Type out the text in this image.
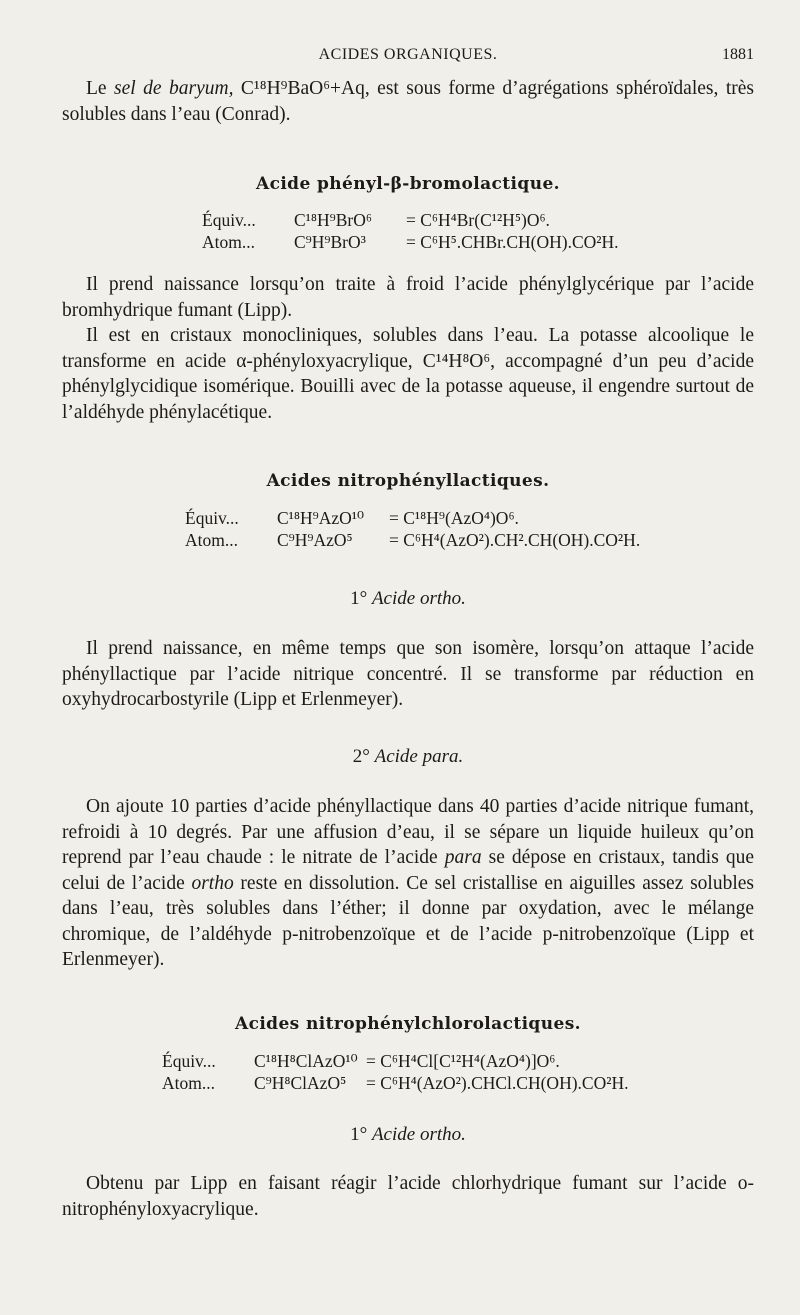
ACIDES ORGANIQUES.	1881

Le sel de baryum, C¹⁸H⁹BaO⁶+Aq, est sous forme d’agrégations sphéroïdales, très solubles dans l’eau (Conrad).

Acide phényl-β-bromolactique.
Équiv... C¹⁸H⁹BrO⁶ = C⁶H⁴Br(C¹²H⁵)O⁶.
Atom... C⁹H⁹BrO³ = C⁶H⁵.CHBr.CH(OH).CO²H.

Il prend naissance lorsqu’on traite à froid l’acide phénylglycérique par l’acide bromhydrique fumant (Lipp).

Il est en cristaux monocliniques, solubles dans l’eau. La potasse alcoolique le transforme en acide α-phényloxyacrylique, C¹⁴H⁸O⁶, accompagné d’un peu d’acide phénylglycidique isomérique. Bouilli avec de la potasse aqueuse, il engendre surtout de l’aldéhyde phénylacétique.

Acides nitrophényllactiques.
Équiv... C¹⁸H⁹AzO¹⁰ = C¹⁸H⁹(AzO⁴)O⁶.
Atom... C⁹H⁹AzO⁵ = C⁶H⁴(AzO²).CH².CH(OH).CO²H.
1° Acide ortho.

Il prend naissance, en même temps que son isomère, lorsqu’on attaque l’acide phényllactique par l’acide nitrique concentré. Il se transforme par réduction en oxyhydrocarbostyrile (Lipp et Erlenmeyer).

2° Acide para.

On ajoute 10 parties d’acide phényllactique dans 40 parties d’acide nitrique fumant, refroidi à 10 degrés. Par une affusion d’eau, il se sépare un liquide huileux qu’on reprend par l’eau chaude : le nitrate de l’acide para se dépose en cristaux, tandis que celui de l’acide ortho reste en dissolution. Ce sel cristallise en aiguilles assez solubles dans l’eau, très solubles dans l’éther; il donne par oxydation, avec le mélange chromique, de l’aldéhyde p-nitrobenzoïque et de l’acide p-nitrobenzoïque (Lipp et Erlenmeyer).

Acides nitrophénylchlorolactiques.
Équiv... C¹⁸H⁸ClAzO¹⁰ = C⁶H⁴Cl[C¹²H⁴(AzO⁴)]O⁶.
Atom... C⁹H⁸ClAzO⁵ = C⁶H⁴(AzO²).CHCl.CH(OH).CO²H.
1° Acide ortho.

Obtenu par Lipp en faisant réagir l’acide chlorhydrique fumant sur l’acide o-nitrophényloxyacrylique.
